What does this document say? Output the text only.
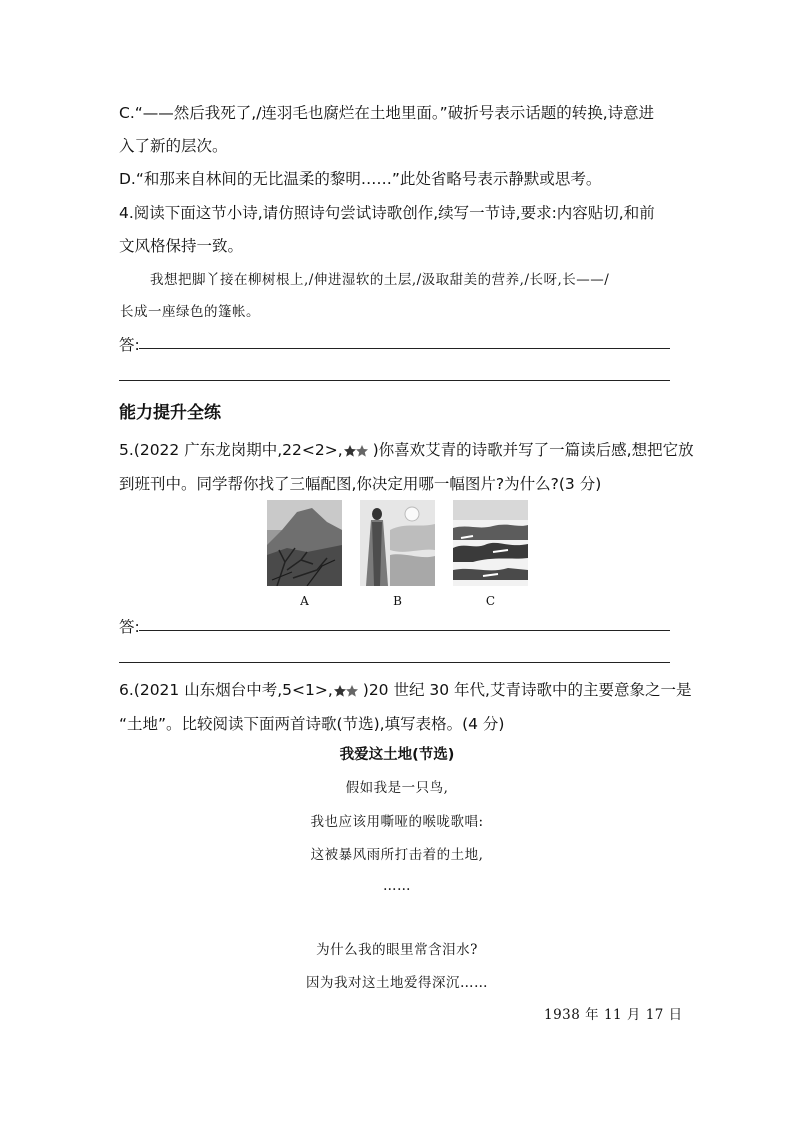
C.“——然后我死了,/连羽毛也腐烂在土地里面。”破折号表示话题的转换,诗意进
入了新的层次。
D.“和那来自林间的无比温柔的黎明……”此处省略号表示静默或思考。
4.阅读下面这节小诗,请仿照诗句尝试诗歌创作,续写一节诗,要求:内容贴切,和前
文风格保持一致。
我想把脚丫接在柳树根上,/伸进湿软的土层,/汲取甜美的营养,/长呀,长——/
长成一座绿色的篷帐。
答:
能力提升全练
5.(2022 广东龙岗期中,22<2>, )你喜欢艾青的诗歌并写了一篇读后感,想把它放
到班刊中。同学帮你找了三幅配图,你决定用哪一幅图片?为什么?(3 分)
A	B	C
答:
6.(2021 山东烟台中考,5<1>, )20 世纪 30 年代,艾青诗歌中的主要意象之一是
“土地”。比较阅读下面两首诗歌(节选),填写表格。(4 分)
我爱这土地(节选)
假如我是一只鸟,
我也应该用嘶哑的喉咙歌唱:
这被暴风雨所打击着的土地,
……
为什么我的眼里常含泪水?
因为我对这土地爱得深沉……
1938 年 11 月 17 日
